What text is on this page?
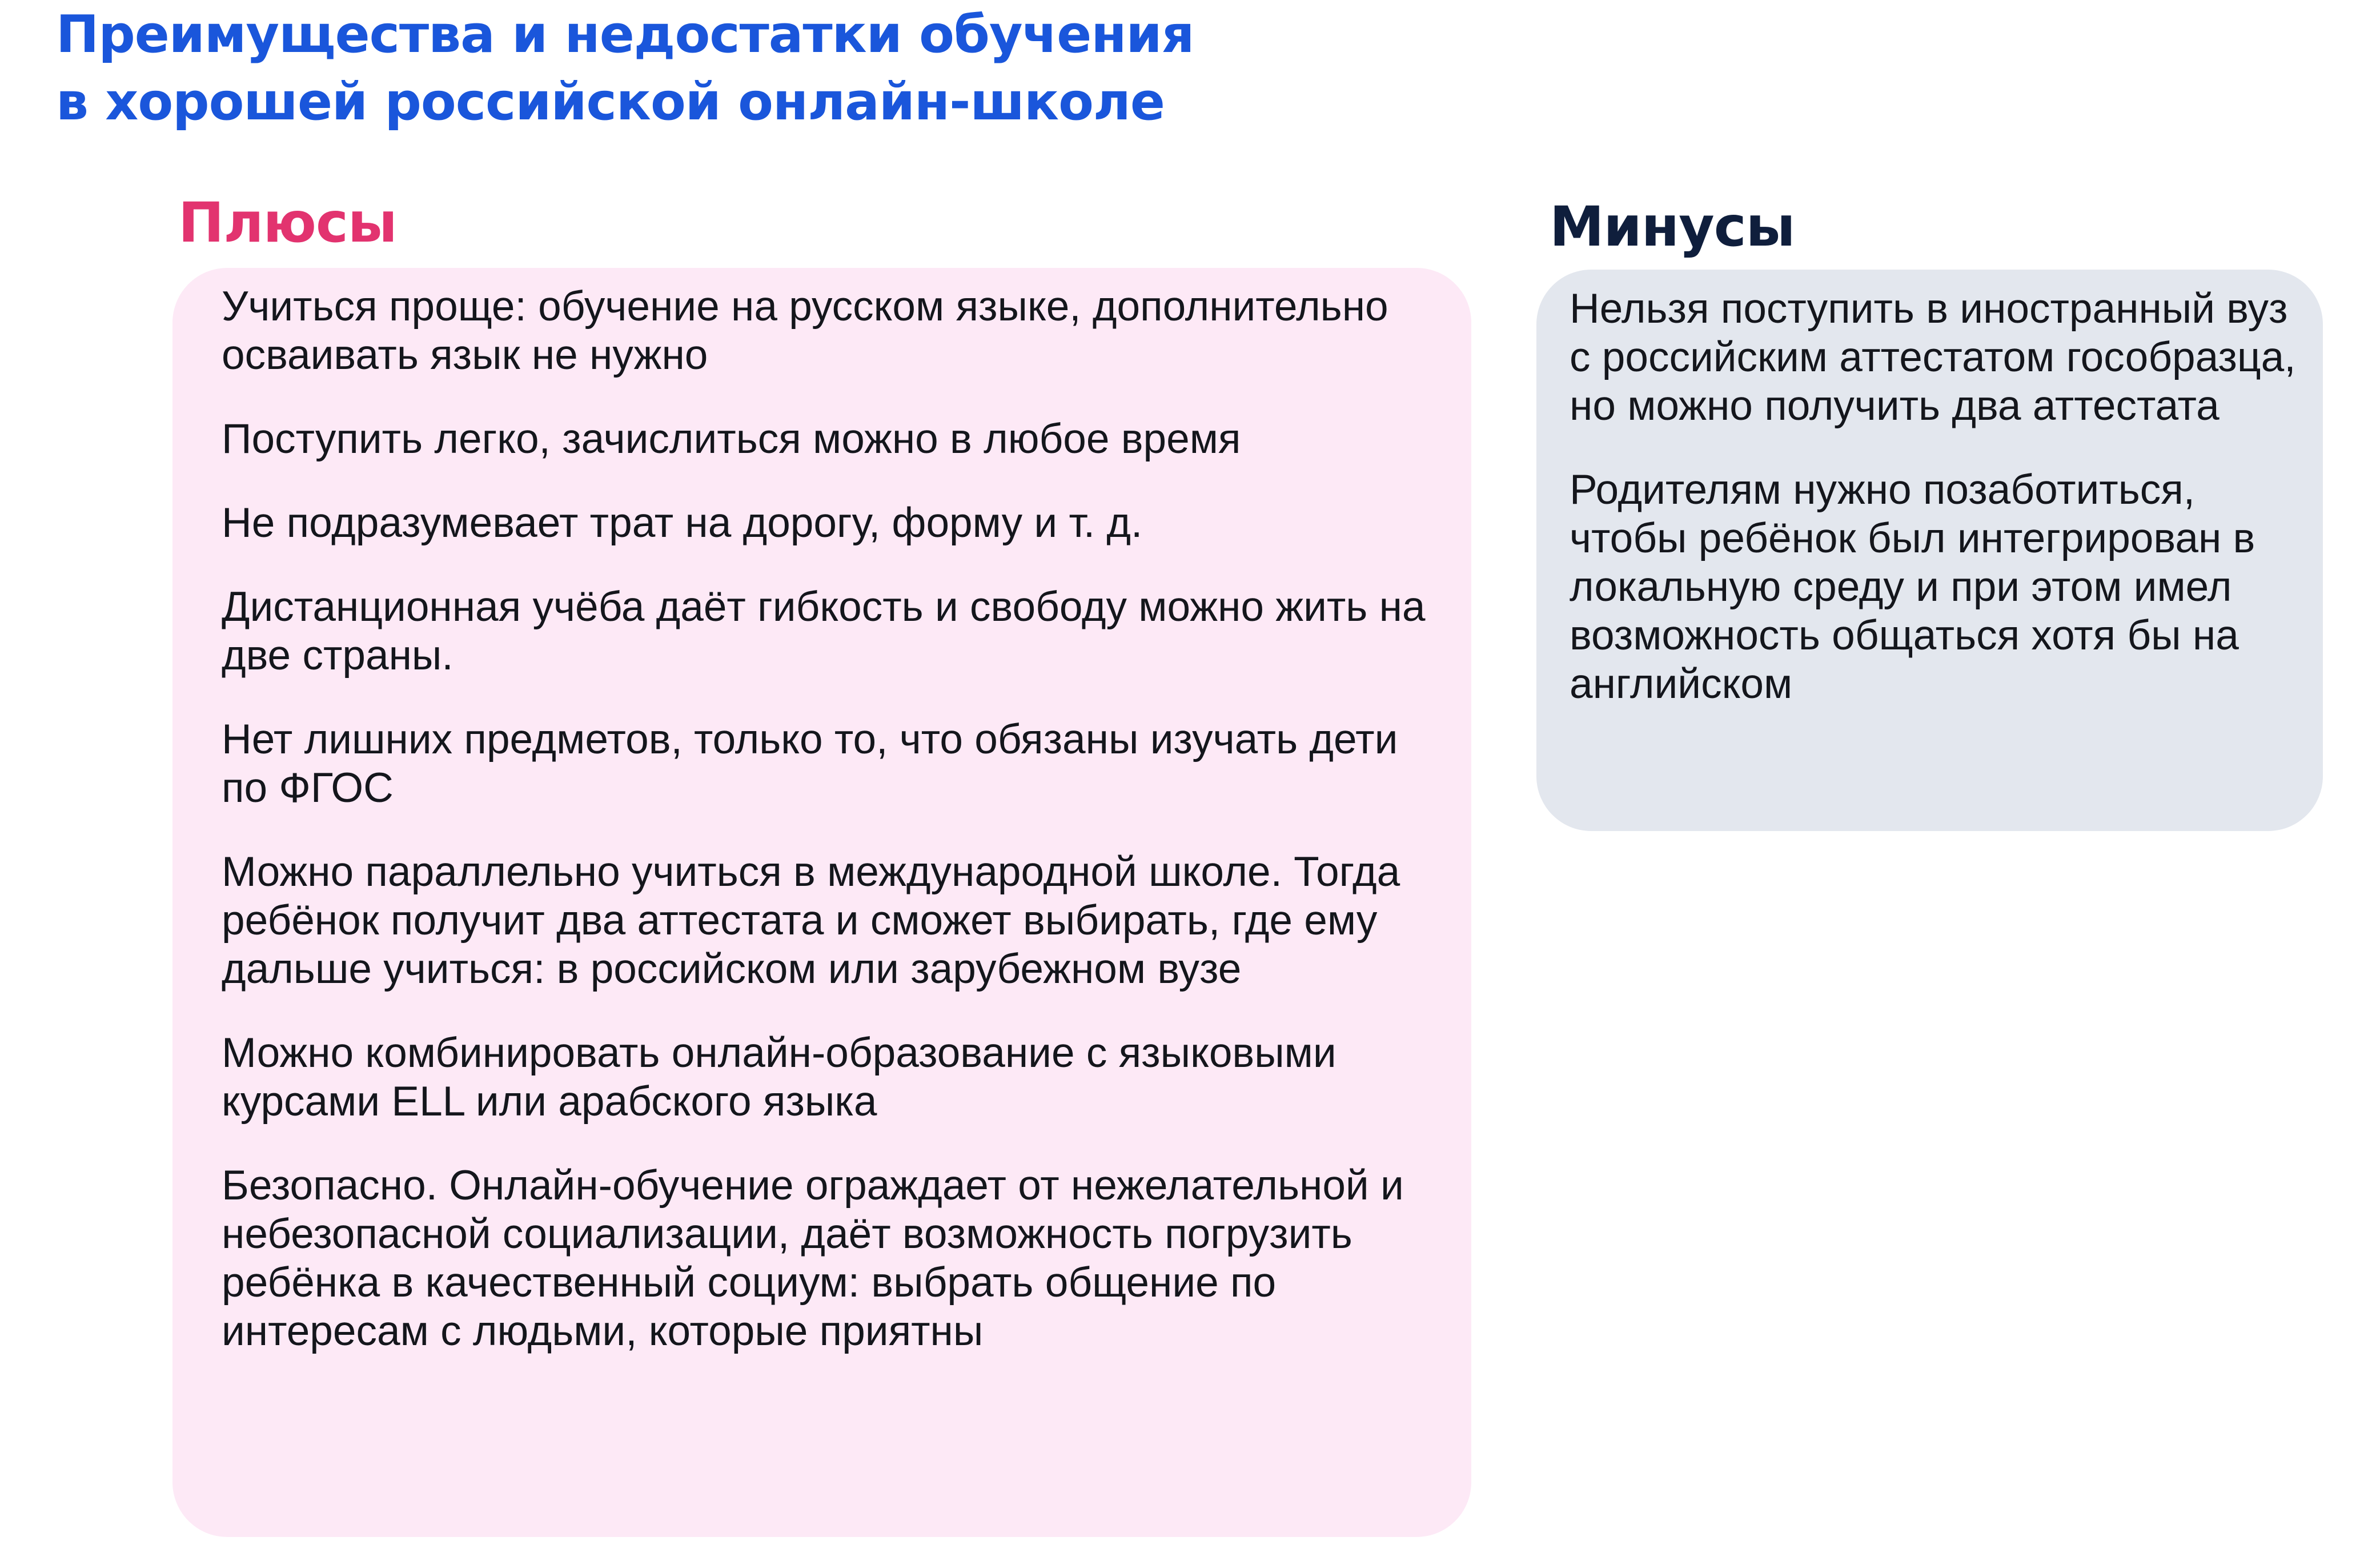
Преимущества и недостатки обучения
в хорошей российской онлайн-школе
Плюсы
Учиться проще: обучение на русском языке, дополнительно осваивать язык не нужно
Поступить легко, зачислиться можно в любое время
Не подразумевает трат на дорогу, форму и т. д.
Дистанционная учёба даёт гибкость и свободу можно жить на две страны.
Нет лишних предметов, только то, что обязаны изучать дети по ФГОС
Можно параллельно учиться в международной школе. Тогда ребёнок получит два аттестата и сможет выбирать, где ему дальше учиться: в российском или зарубежном вузе
Можно комбинировать онлайн-образование с языковыми курсами ELL или арабского языка
Безопасно. Онлайн-обучение ограждает от нежелательной и небезопасной социализации, даёт возможность погрузить ребёнка в качественный социум: выбрать общение по интересам с людьми, которые приятны
Минусы
Нельзя поступить в иностранный вуз с российским аттестатом гособразца, но можно получить два аттестата
Родителям нужно позаботиться, чтобы ребёнок был интегрирован в локальную среду и при этом имел возможность общаться хотя бы на английском
